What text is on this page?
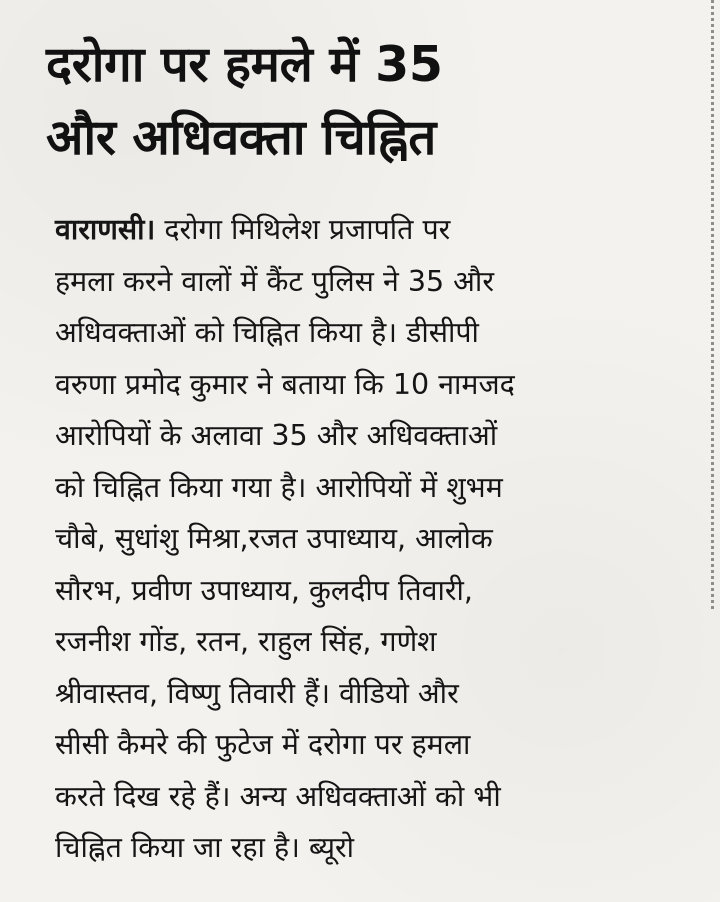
दरोगा पर हमले में 35
और अधिवक्ता चिह्नित
वाराणसी। दरोगा मिथिलेश प्रजापति पर
हमला करने वालों में कैंट पुलिस ने 35 और
अधिवक्ताओं को चिह्नित किया है। डीसीपी
वरुणा प्रमोद कुमार ने बताया कि 10 नामजद
आरोपियों के अलावा 35 और अधिवक्ताओं
को चिह्नित किया गया है। आरोपियों में शुभम
चौबे, सुधांशु मिश्रा,रजत उपाध्याय, आलोक
सौरभ, प्रवीण उपाध्याय, कुलदीप तिवारी,
रजनीश गोंड, रतन, राहुल सिंह, गणेश
श्रीवास्तव, विष्णु तिवारी हैं। वीडियो और
सीसी कैमरे की फुटेज में दरोगा पर हमला
करते दिख रहे हैं। अन्य अधिवक्ताओं को भी
चिह्नित किया जा रहा है। ब्यूरो
